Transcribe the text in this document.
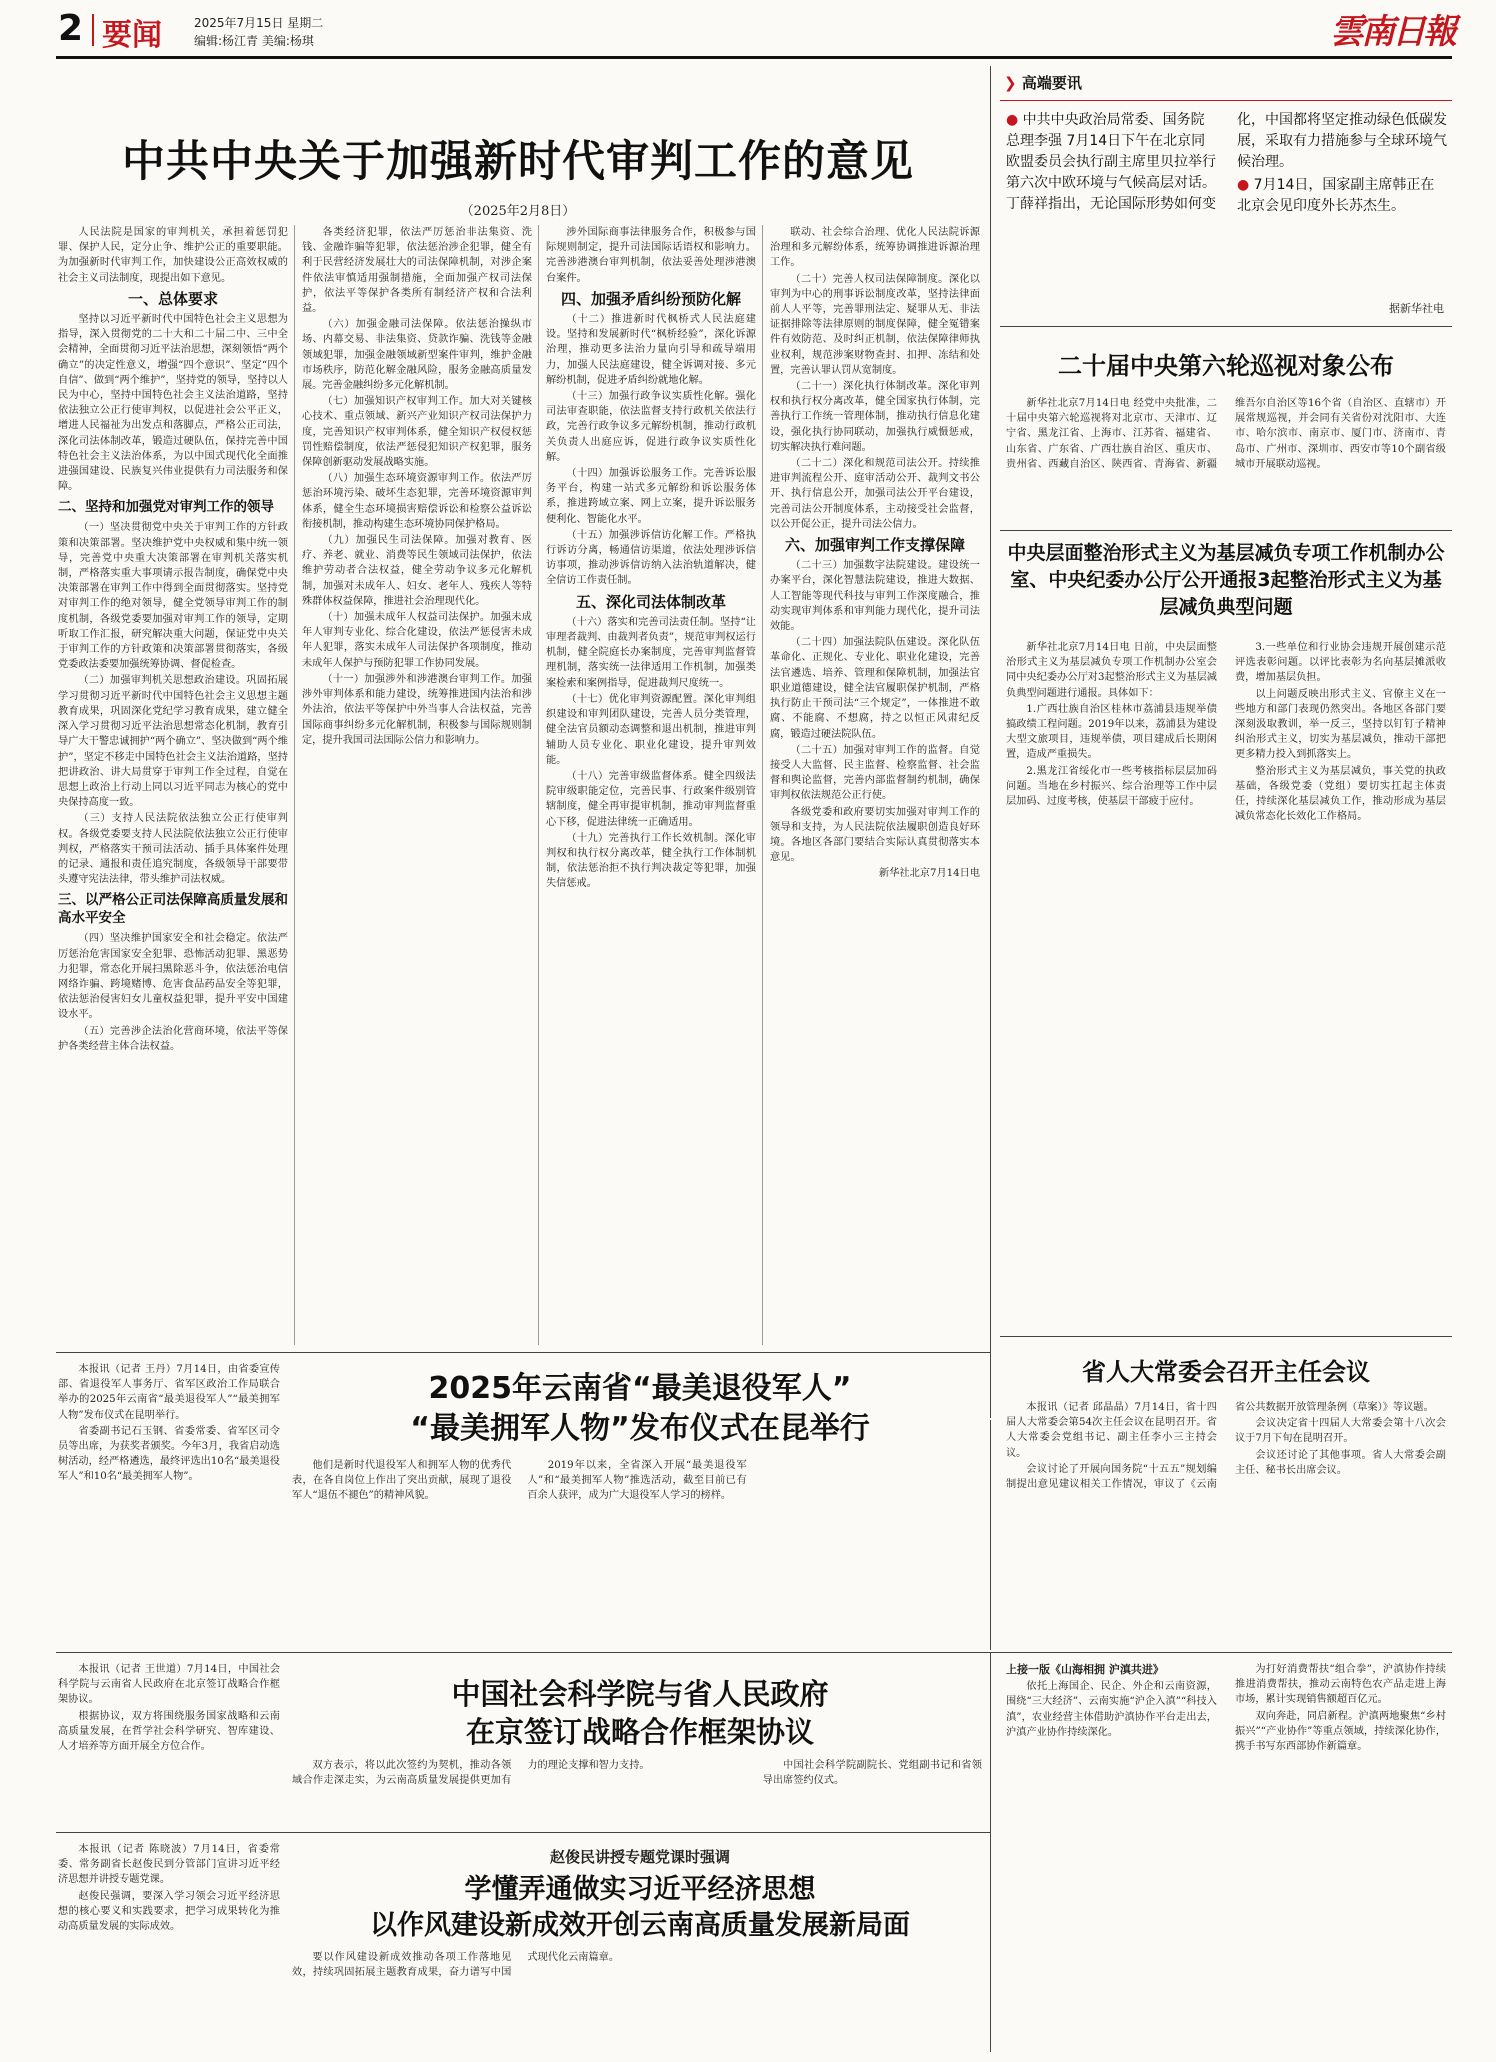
2 要闻	2025年7月15日 星期二
编辑:杨江青 美编:杨琪	雲南日報
中共中央关于加强新时代审判工作的意见
（2025年2月8日）

人民法院是国家的审判机关，承担着惩罚犯罪、保护人民，定分止争、维护公正的重要职能。为加强新时代审判工作，加快建设公正高效权威的社会主义司法制度，现提出如下意见。

一、总体要求

坚持以习近平新时代中国特色社会主义思想为指导，深入贯彻党的二十大和二十届二中、三中全会精神，全面贯彻习近平法治思想，深刻领悟“两个确立”的决定性意义，增强“四个意识”、坚定“四个自信”、做到“两个维护”，坚持党的领导，坚持以人民为中心，坚持中国特色社会主义法治道路，坚持依法独立公正行使审判权，以促进社会公平正义，增进人民福祉为出发点和落脚点，严格公正司法，深化司法体制改革，锻造过硬队伍，保持完善中国特色社会主义法治体系，为以中国式现代化全面推进强国建设、民族复兴伟业提供有力司法服务和保障。

二、坚持和加强党对审判工作的领导

（一）坚决贯彻党中央关于审判工作的方针政策和决策部署。坚决维护党中央权威和集中统一领导，完善党中央重大决策部署在审判机关落实机制，严格落实重大事项请示报告制度，确保党中央决策部署在审判工作中得到全面贯彻落实。坚持党对审判工作的绝对领导，健全党领导审判工作的制度机制，各级党委要加强对审判工作的领导，定期听取工作汇报，研究解决重大问题，保证党中央关于审判工作的方针政策和决策部署贯彻落实，各级党委政法委要加强统筹协调、督促检查。

（二）加强审判机关思想政治建设。巩固拓展学习贯彻习近平新时代中国特色社会主义思想主题教育成果，巩固深化党纪学习教育成果，建立健全深入学习贯彻习近平法治思想常态化机制，教育引导广大干警忠诚拥护“两个确立”、坚决做到“两个维护”，坚定不移走中国特色社会主义法治道路，坚持把讲政治、讲大局贯穿于审判工作全过程，自觉在思想上政治上行动上同以习近平同志为核心的党中央保持高度一致。

（三）支持人民法院依法独立公正行使审判权。各级党委要支持人民法院依法独立公正行使审判权，严格落实干预司法活动、插手具体案件处理的记录、通报和责任追究制度，各级领导干部要带头遵守宪法法律，带头维护司法权威。

三、以严格公正司法保障高质量发展和高水平安全

（四）坚决维护国家安全和社会稳定。依法严厉惩治危害国家安全犯罪、恐怖活动犯罪、黑恶势力犯罪，常态化开展扫黑除恶斗争，依法惩治电信网络诈骗、跨境赌博、危害食品药品安全等犯罪，依法惩治侵害妇女儿童权益犯罪，提升平安中国建设水平。

（五）完善涉企法治化营商环境，依法平等保护各类经营主体合法权益。

各类经济犯罪，依法严厉惩治非法集资、洗钱、金融诈骗等犯罪，依法惩治涉企犯罪，健全有利于民营经济发展壮大的司法保障机制，对涉企案件依法审慎适用强制措施，全面加强产权司法保护，依法平等保护各类所有制经济产权和合法利益。

（六）加强金融司法保障。依法惩治操纵市场、内幕交易、非法集资、贷款诈骗、洗钱等金融领域犯罪，加强金融领域新型案件审判，维护金融市场秩序，防范化解金融风险，服务金融高质量发展。完善金融纠纷多元化解机制。

（七）加强知识产权审判工作。加大对关键核心技术、重点领域、新兴产业知识产权司法保护力度，完善知识产权审判体系，健全知识产权侵权惩罚性赔偿制度，依法严惩侵犯知识产权犯罪，服务保障创新驱动发展战略实施。

（八）加强生态环境资源审判工作。依法严厉惩治环境污染、破坏生态犯罪，完善环境资源审判体系，健全生态环境损害赔偿诉讼和检察公益诉讼衔接机制，推动构建生态环境协同保护格局。

（九）加强民生司法保障。加强对教育、医疗、养老、就业、消费等民生领域司法保护，依法维护劳动者合法权益，健全劳动争议多元化解机制，加强对未成年人、妇女、老年人、残疾人等特殊群体权益保障，推进社会治理现代化。

（十）加强未成年人权益司法保护。加强未成年人审判专业化、综合化建设，依法严惩侵害未成年人犯罪，落实未成年人司法保护各项制度，推动未成年人保护与预防犯罪工作协同发展。

（十一）加强涉外和涉港澳台审判工作。加强涉外审判体系和能力建设，统筹推进国内法治和涉外法治，依法平等保护中外当事人合法权益，完善国际商事纠纷多元化解机制，积极参与国际规则制定，提升我国司法国际公信力和影响力。

涉外国际商事法律服务合作，积极参与国际规则制定，提升司法国际话语权和影响力。完善涉港澳台审判机制，依法妥善处理涉港澳台案件。

四、加强矛盾纠纷预防化解

（十二）推进新时代枫桥式人民法庭建设。坚持和发展新时代“枫桥经验”，深化诉源治理，推动更多法治力量向引导和疏导端用力，加强人民法庭建设，健全诉调对接、多元解纷机制，促进矛盾纠纷就地化解。

（十三）加强行政争议实质性化解。强化司法审查职能，依法监督支持行政机关依法行政，完善行政争议多元解纷机制，推动行政机关负责人出庭应诉，促进行政争议实质性化解。

（十四）加强诉讼服务工作。完善诉讼服务平台，构建一站式多元解纷和诉讼服务体系，推进跨域立案、网上立案，提升诉讼服务便利化、智能化水平。

（十五）加强涉诉信访化解工作。严格执行诉访分离，畅通信访渠道，依法处理涉诉信访事项，推动涉诉信访纳入法治轨道解决，健全信访工作责任制。

五、深化司法体制改革

（十六）落实和完善司法责任制。坚持“让审理者裁判、由裁判者负责”，规范审判权运行机制，健全院庭长办案制度，完善审判监督管理机制，落实统一法律适用工作机制，加强类案检索和案例指导，促进裁判尺度统一。

（十七）优化审判资源配置。深化审判组织建设和审判团队建设，完善人员分类管理，健全法官员额动态调整和退出机制，推进审判辅助人员专业化、职业化建设，提升审判效能。

（十八）完善审级监督体系。健全四级法院审级职能定位，完善民事、行政案件级别管辖制度，健全再审提审机制，推动审判监督重心下移，促进法律统一正确适用。

（十九）完善执行工作长效机制。深化审判权和执行权分离改革，健全执行工作体制机制，依法惩治拒不执行判决裁定等犯罪，加强失信惩戒。

联动、社会综合治理、优化人民法院诉源治理和多元解纷体系，统筹协调推进诉源治理工作。

（二十）完善人权司法保障制度。深化以审判为中心的刑事诉讼制度改革，坚持法律面前人人平等，完善罪刑法定、疑罪从无、非法证据排除等法律原则的制度保障，健全冤错案件有效防范、及时纠正机制，依法保障律师执业权利，规范涉案财物查封、扣押、冻结和处置，完善认罪认罚从宽制度。

（二十一）深化执行体制改革。深化审判权和执行权分离改革，健全国家执行体制，完善执行工作统一管理体制，推动执行信息化建设，强化执行协同联动，加强执行威慑惩戒，切实解决执行难问题。

（二十二）深化和规范司法公开。持续推进审判流程公开、庭审活动公开、裁判文书公开、执行信息公开，加强司法公开平台建设，完善司法公开制度体系，主动接受社会监督，以公开促公正，提升司法公信力。

六、加强审判工作支撑保障

（二十三）加强数字法院建设。建设统一办案平台，深化智慧法院建设，推进大数据、人工智能等现代科技与审判工作深度融合，推动实现审判体系和审判能力现代化，提升司法效能。

（二十四）加强法院队伍建设。深化队伍革命化、正规化、专业化、职业化建设，完善法官遴选、培养、管理和保障机制，加强法官职业道德建设，健全法官履职保护机制，严格执行防止干预司法“三个规定”，一体推进不敢腐、不能腐、不想腐，持之以恒正风肃纪反腐，锻造过硬法院队伍。

（二十五）加强对审判工作的监督。自觉接受人大监督、民主监督、检察监督、社会监督和舆论监督，完善内部监督制约机制，确保审判权依法规范公正行使。

各级党委和政府要切实加强对审判工作的领导和支持，为人民法院依法履职创造良好环境。各地区各部门要结合实际认真贯彻落实本意见。

新华社北京7月14日电

❯ 高端要讯
● 中共中央政治局常委、国务院总理李强 7月14日下午在北京同欧盟委员会执行副主席里贝拉举行第六次中欧环境与气候高层对话。丁薛祥指出，无论国际形势如何变化，中国都将坚定推动绿色低碳发展，采取有力措施参与全球环境气候治理。
● 7月14日，国家副主席韩正在北京会见印度外长苏杰生。
据新华社电
二十届中央第六轮巡视对象公布

新华社北京7月14日电 经党中央批准，二十届中央第六轮巡视将对北京市、天津市、辽宁省、黑龙江省、上海市、江苏省、福建省、山东省、广东省、广西壮族自治区、重庆市、贵州省、西藏自治区、陕西省、青海省、新疆维吾尔自治区等16个省（自治区、直辖市）开展常规巡视，并会同有关省份对沈阳市、大连市、哈尔滨市、南京市、厦门市、济南市、青岛市、广州市、深圳市、西安市等10个副省级城市开展联动巡视。

中央层面整治形式主义为基层减负专项工作机制办公室、中央纪委办公厅公开通报3起整治形式主义为基层减负典型问题

新华社北京7月14日电 日前，中央层面整治形式主义为基层减负专项工作机制办公室会同中央纪委办公厅对3起整治形式主义为基层减负典型问题进行通报。具体如下：

1.广西壮族自治区桂林市荔浦县违规举债搞政绩工程问题。2019年以来，荔浦县为建设大型文旅项目，违规举债，项目建成后长期闲置，造成严重损失。

2.黑龙江省绥化市一些考核指标层层加码问题。当地在乡村振兴、综合治理等工作中层层加码、过度考核，使基层干部疲于应付。

3.一些单位和行业协会违规开展创建示范评选表彰问题。以评比表彰为名向基层摊派收费，增加基层负担。

以上问题反映出形式主义、官僚主义在一些地方和部门表现仍然突出。各地区各部门要深刻汲取教训，举一反三，坚持以钉钉子精神纠治形式主义，切实为基层减负，推动干部把更多精力投入到抓落实上。

整治形式主义为基层减负，事关党的执政基础，各级党委（党组）要切实扛起主体责任，持续深化基层减负工作，推动形成为基层减负常态化长效化工作格局。

省人大常委会召开主任会议

本报讯（记者 邱晶晶）7月14日，省十四届人大常委会第54次主任会议在昆明召开。省人大常委会党组书记、副主任李小三主持会议。

会议讨论了开展向国务院“十五五”规划编制提出意见建议相关工作情况，审议了《云南省公共数据开放管理条例（草案）》等议题。

会议决定省十四届人大常委会第十八次会议于7月下旬在昆明召开。

会议还讨论了其他事项。省人大常委会副主任、秘书长出席会议。

本报讯（记者 王丹）7月14日，由省委宣传部、省退役军人事务厅、省军区政治工作局联合举办的2025年云南省“最美退役军人”“最美拥军人物”发布仪式在昆明举行。

省委副书记石玉钢、省委常委、省军区司令员等出席，为获奖者颁奖。今年3月，我省启动选树活动，经严格遴选，最终评选出10名“最美退役军人”和10名“最美拥军人物”。

2025年云南省“最美退役军人”
“最美拥军人物”发布仪式在昆举行

他们是新时代退役军人和拥军人物的优秀代表，在各自岗位上作出了突出贡献，展现了退役军人“退伍不褪色”的精神风貌。

2019年以来，全省深入开展“最美退役军人”和“最美拥军人物”推选活动，截至目前已有百余人获评，成为广大退役军人学习的榜样。

本报讯（记者 王世道）7月14日，中国社会科学院与云南省人民政府在北京签订战略合作框架协议。

根据协议，双方将围绕服务国家战略和云南高质量发展，在哲学社会科学研究、智库建设、人才培养等方面开展全方位合作。

中国社会科学院与省人民政府
在京签订战略合作框架协议

双方表示，将以此次签约为契机，推动各领域合作走深走实，为云南高质量发展提供更加有力的理论支撑和智力支持。	中国社会科学院副院长、党组副书记和省领导出席签约仪式。

本报讯（记者 陈晓波）7月14日，省委常委、常务副省长赵俊民到分管部门宣讲习近平经济思想并讲授专题党课。

赵俊民强调，要深入学习领会习近平经济思想的核心要义和实践要求，把学习成果转化为推动高质量发展的实际成效。

赵俊民讲授专题党课时强调
学懂弄通做实习近平经济思想
以作风建设新成效开创云南高质量发展新局面

要以作风建设新成效推动各项工作落地见效，持续巩固拓展主题教育成果，奋力谱写中国式现代化云南篇章。

上接一版《山海相拥 沪滇共进》

依托上海国企、民企、外企和云南资源，围绕“三大经济”、云南实施“沪企入滇”“科技入滇”，农业经营主体借助沪滇协作平台走出去，沪滇产业协作持续深化。

为打好消费帮扶“组合拳”，沪滇协作持续推进消费帮扶，推动云南特色农产品走进上海市场，累计实现销售额超百亿元。

双向奔赴，同启新程。沪滇两地聚焦“乡村振兴”“产业协作”等重点领域，持续深化协作，携手书写东西部协作新篇章。
